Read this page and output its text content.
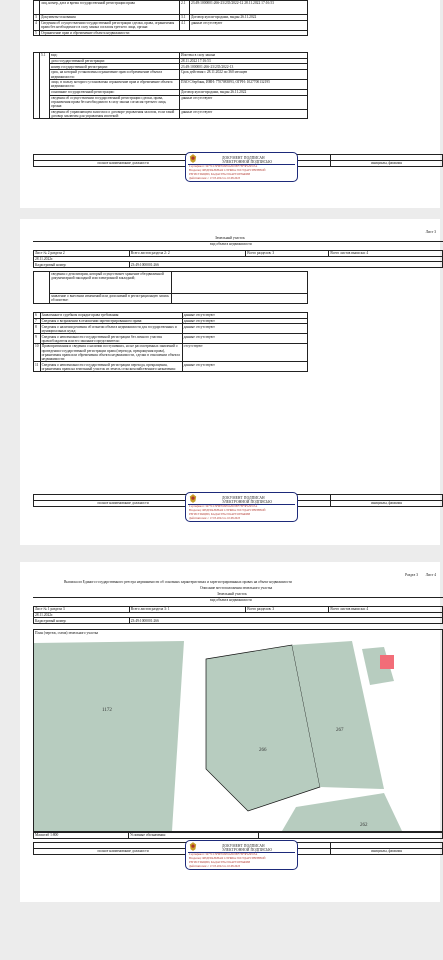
	лиц, номер, дата и время государственной регистрации права	2.1	23:49:1000001:266-23/235/2022-12 28.11.2022 17:16:53
3	Документы-основания	3.1	Договор купли-продажи, выдан 26.11.2022
4	Сведения об осуществлении государственной регистрации сделки, права, ограничения права без необходимого в силу закона согласия третьего лица, органа:	4.1	данные отсутствуют
5	Ограничение прав и обременение объекта недвижимости:		
	5.1	вид:	Ипотека в силу закона
		дата государственной регистрации:	28.11.2022 17:16:53
		номер государственной регистрации:	23:49:1000001:266-23/235/2022-13
		срок, на который установлены ограничение прав и обременение объекта недвижимости:	Срок действия с 28.11.2022 по 360 месяцев
		лицо, в пользу которого установлены ограничение прав и обременение объекта недвижимости:	ПАО Сбербанк, ИНН: 7707083893, ОГРН: 1027700132195
		основание государственной регистрации:	Договор купли-продажи, выдан 26.11.2022
		сведения об осуществлении государственной регистрации сделки, права, ограничения права без необходимого в силу закона согласия третьего лица, органа:	данные отсутствуют
		сведения об управляющем залогом и о договоре управления залогом, если такой договор заключен для управления ипотекой:	данные отсутствуют

полное наименование должности		инициалы, фамилия
ДОКУМЕНТ ПОДПИСАН
ЭЛЕКТРОННОЙ ПОДПИСЬЮ
Сертификат: 3477CC5F9E816E9A5D3EF7EF3FA5E1EA
Владелец: ФЕДЕРАЛЬНАЯ СЛУЖБА ГОСУДАРСТВЕННОЙ
РЕГИСТРАЦИИ, КАДАСТРА И КАРТОГРАФИИ
Действителен: с 17.05.2022 по 10.08.2023
Лист 3
Земельный участок
вид объекта недвижимости
Лист № 2 раздела 2	Всего листов раздела 2: 2	Всего разделов: 3	Всего листов выписки: 4
28.11.2022г.			
Кадастровый номер:	23:49:1000001:266		
	сведения о депозитарии, который осуществляет хранение обездвиженной документарной закладной или электронной закладной;	
	заявление о внесении изменений или дополнений в регистрационную запись об ипотеке:	
6	Заявленные в судебном порядке права требования:	данные отсутствуют
7	Сведения о возражении в отношении зарегистрированного права:	данные отсутствуют
8	Сведения о наличии решения об изъятии объекта недвижимости для государственных и муниципальных нужд:	данные отсутствуют
9	Сведения о невозможности государственной регистрации без личного участия правообладателя или его законного представителя:	данные отсутствуют
10	Правопритязания и сведения о наличии поступивших, но не рассмотренных заявлений о проведении государственной регистрации права (перехода, прекращения права), ограничения права или обременения объекта недвижимости, сделки в отношении объекта недвижимости:	отсутствуют
11	Сведения о невозможности государственной регистрации перехода, прекращения, ограничения права на земельный участок из земель сельскохозяйственного назначения:	данные отсутствуют

полное наименование должности		инициалы, фамилия
ДОКУМЕНТ ПОДПИСАН
ЭЛЕКТРОННОЙ ПОДПИСЬЮ
Сертификат: 3477CC5F9E816E9A5D3EF7EF3FA5E1EA
Владелец: ФЕДЕРАЛЬНАЯ СЛУЖБА ГОСУДАРСТВЕННОЙ
РЕГИСТРАЦИИ, КАДАСТРА И КАРТОГРАФИИ
Действителен: с 17.05.2022 по 10.08.2023
Раздел 3 Лист 4
Выписка из Единого государственного реестра недвижимости об основных характеристиках и зарегистрированных правах на объект недвижимости
Описание местоположения земельного участка
Земельный участок
вид объекта недвижимости
Лист № 1 раздела 3	Всего листов раздела 3: 1	Всего разделов: 3	Всего листов выписки: 4
28.11.2022г.			
Кадастровый номер:	23:49:1000001:266		
План (чертеж, схема) земельного участка
1172
266
267
262
Масштаб 1:800	Условные обозначения:	

полное наименование должности		инициалы, фамилия
ДОКУМЕНТ ПОДПИСАН
ЭЛЕКТРОННОЙ ПОДПИСЬЮ
Сертификат: 3477CC5F9E816E9A5D3EF7EF3FA5E1EA
Владелец: ФЕДЕРАЛЬНАЯ СЛУЖБА ГОСУДАРСТВЕННОЙ
РЕГИСТРАЦИИ, КАДАСТРА И КАРТОГРАФИИ
Действителен: с 17.05.2022 по 10.08.2023
